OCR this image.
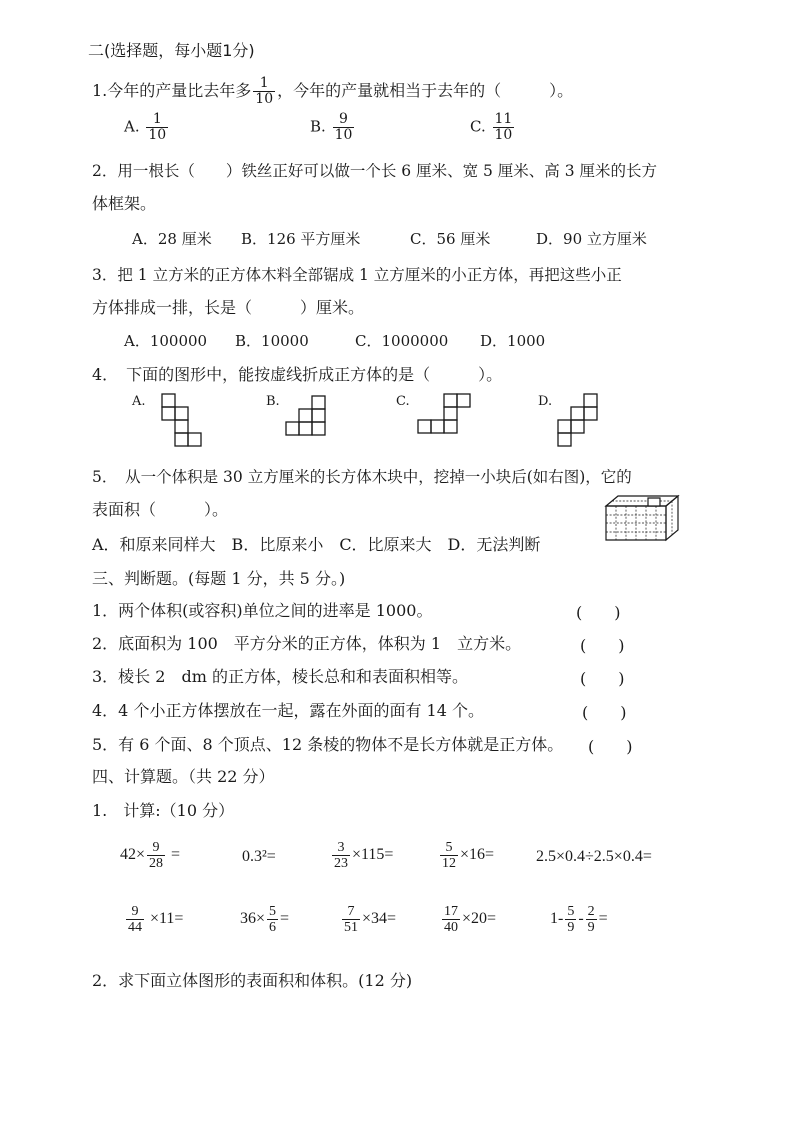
二(选择题，每小题1分)
1.今年的产量比去年多 $\frac{1}{10}$ ，今年的产量就相当于去年的（　　　）。
A. $\frac{1}{10}$	B. $\frac{9}{10}$	C. $\frac{11}{10}$
2．用一根长（　　）铁丝正好可以做一个长 6 厘米、宽 5 厘米、高 3 厘米的长方
体框架。
A．28 厘米 B．126 平方厘米	C．56 厘米	D．90 立方厘米
3．把 1 立方米的正方体木料全部锯成 1 立方厘米的小正方体，再把这些小正
方体排成一排，长是（　　　）厘米。
A．100000 B．10000	C．1000000 D．1000
4．　下面的图形中，能按虚线折成正方体的是（　　　）。
A.	B.	C.	D.
5．　从一个体积是 30 立方厘米的长方体木块中，挖掉一小块后(如右图)，它的
表面积（　　　）。
A．和原来同样大　B．比原来小　C．比原来大　D．无法判断
三、判断题。(每题 1 分，共 5 分。)
1．两个体积(或容积)单位之间的进率是 1000。	(　　)
2．底面积为 100　平方分米的正方体，体积为 1　立方米。	(　　)
3．棱长 2　dm 的正方体，棱长总和和表面积相等。	(　　)
4．4 个小正方体摆放在一起，露在外面的面有 14 个。	(　　)
5．有 6 个面、8 个顶点、12 条棱的物体不是长方体就是正方体。 (　　)
四、计算题。（共 22 分）
1.　计算:（10 分）
$42\times \frac{9}{28}$ =	0.3²=	$\frac{3}{23} \times 115=$	$\frac{5}{12} \times 16=$	2.5×0.4÷2.5×0.4=
$\frac{9}{44} \times 11=$	$36\times \frac{5}{6}$ =	$\frac{7}{51} \times 34=$	$\frac{17}{40} \times 20=$	$1- \frac{5}{9} - \frac{2}{9}$ =
2．求下面立体图形的表面积和体积。(12 分)
